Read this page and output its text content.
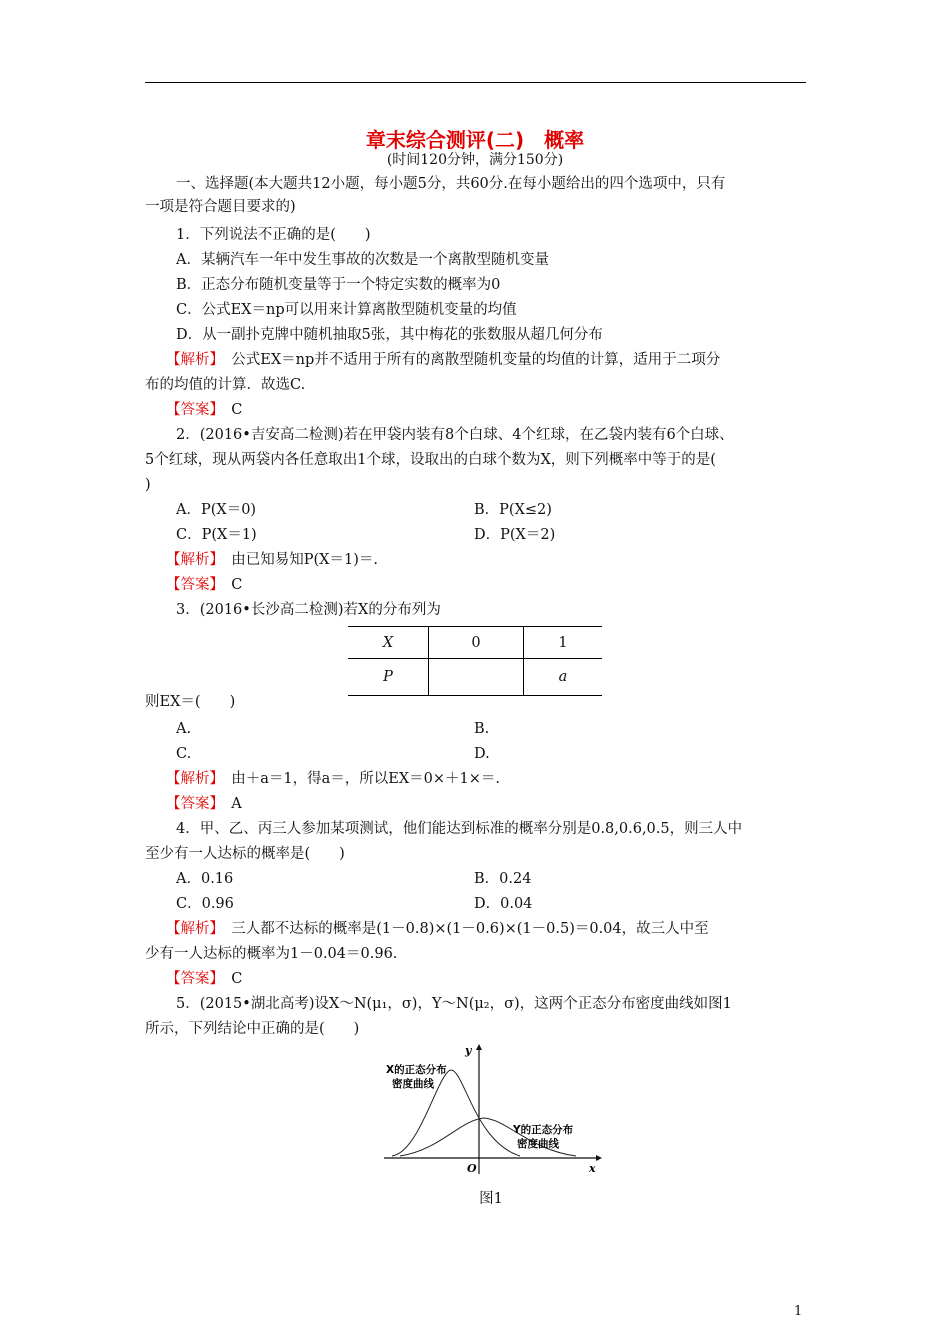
章末综合测评(二)　概率
(时间120分钟，满分150分)
一、选择题(本大题共12小题，每小题5分，共60分.在每小题给出的四个选项中，只有
一项是符合题目要求的)
1．下列说法不正确的是(　　)
A．某辆汽车一年中发生事故的次数是一个离散型随机变量
B．正态分布随机变量等于一个特定实数的概率为0
C．公式EX＝np可以用来计算离散型随机变量的均值
D．从一副扑克牌中随机抽取5张，其中梅花的张数服从超几何分布
【解析】　公式EX＝np并不适用于所有的离散型随机变量的均值的计算，适用于二项分
布的均值的计算．故选C.
【答案】　C
2．(2016•吉安高二检测)若在甲袋内装有8个白球、4个红球，在乙袋内装有6个白球、
5个红球，现从两袋内各任意取出1个球，设取出的白球个数为X，则下列概率中等于的是(
)
A．P(X＝0)	B．P(X≤2)
C．P(X＝1)	D．P(X＝2)
【解析】　由已知易知P(X＝1)＝.
【答案】　C
3．(2016•长沙高二检测)若X的分布列为
则EX＝(　　)
A.	B.
C.	D.
【解析】　由＋a＝1，得a＝，所以EX＝0×＋1×＝.
【答案】　A
4．甲、乙、丙三人参加某项测试，他们能达到标准的概率分别是0.8,0.6,0.5，则三人中
至少有一人达标的概率是(　　)
A．0.16	B．0.24
C．0.96	D．0.04
【解析】　三人都不达标的概率是(1－0.8)×(1－0.6)×(1－0.5)＝0.04，故三人中至
少有一人达标的概率为1－0.04＝0.96.
【答案】　C
5．(2015•湖北高考)设X～N(μ₁，σ)，Y～N(μ₂，σ)，这两个正态分布密度曲线如图1
所示，下列结论中正确的是(　　)
X	0	1
P		a
X的正态分布
密度曲线
Y的正态分布
密度曲线
y
x
O
图1
1
